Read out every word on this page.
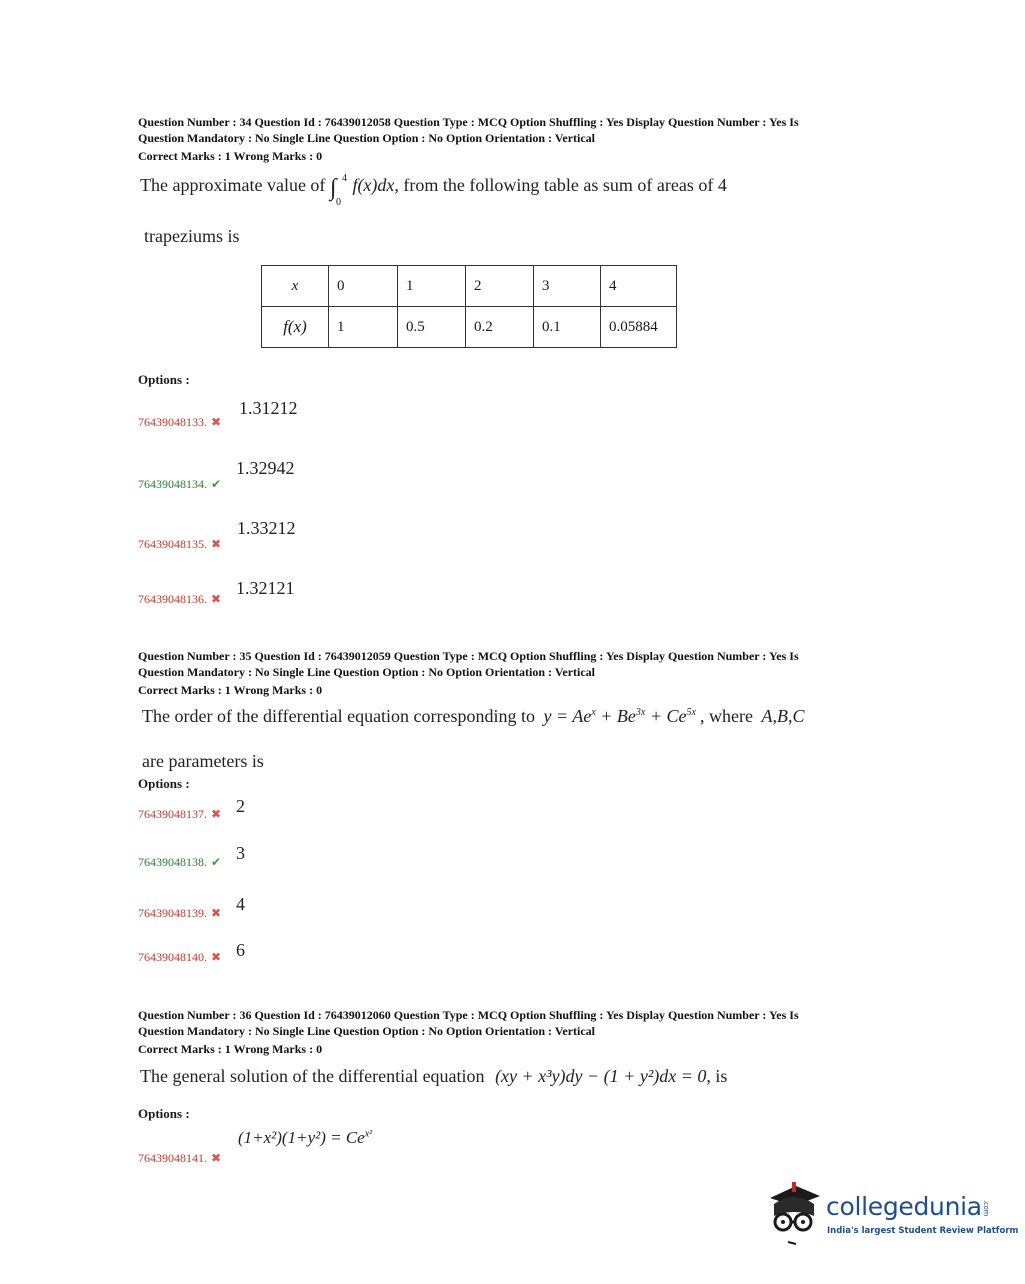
Question Number : 34 Question Id : 76439012058 Question Type : MCQ Option Shuffling : Yes Display Question Number : Yes Is
Question Mandatory : No Single Line Question Option : No Option Orientation : Vertical
Correct Marks : 1 Wrong Marks : 0
The approximate value of ∫ 4
0
f(x)dx, from the following table as sum of areas of 4
trapeziums is
x	0	1	2	3	4
f(x)	1	0.5	0.2	0.1	0.05884
Options :
1.31212
76439048133. ✖
1.32942
76439048134. ✔
1.33212
76439048135. ✖
1.32121
76439048136. ✖
Question Number : 35 Question Id : 76439012059 Question Type : MCQ Option Shuffling : Yes Display Question Number : Yes Is
Question Mandatory : No Single Line Question Option : No Option Orientation : Vertical
Correct Marks : 1 Wrong Marks : 0
The order of the differential equation corresponding to $y = Ae^x + Be^{3x} + Ce^{5x}$ , where A,B,C
are parameters is
Options :
76439048137. ✖ 2
76439048138. ✔ 3
76439048139. ✖ 4
76439048140. ✖ 6
Question Number : 36 Question Id : 76439012060 Question Type : MCQ Option Shuffling : Yes Display Question Number : Yes Is
Question Mandatory : No Single Line Question Option : No Option Orientation : Vertical
Correct Marks : 1 Wrong Marks : 0
The general solution of the differential equation (xy + x³y)dy − (1 + y²)dx = 0, is
Options :
$(1+x^2)(1+y^2) = Ce^{x^2}$
76439048141. ✖
collegedunia.com
India's largest Student Review Platform
